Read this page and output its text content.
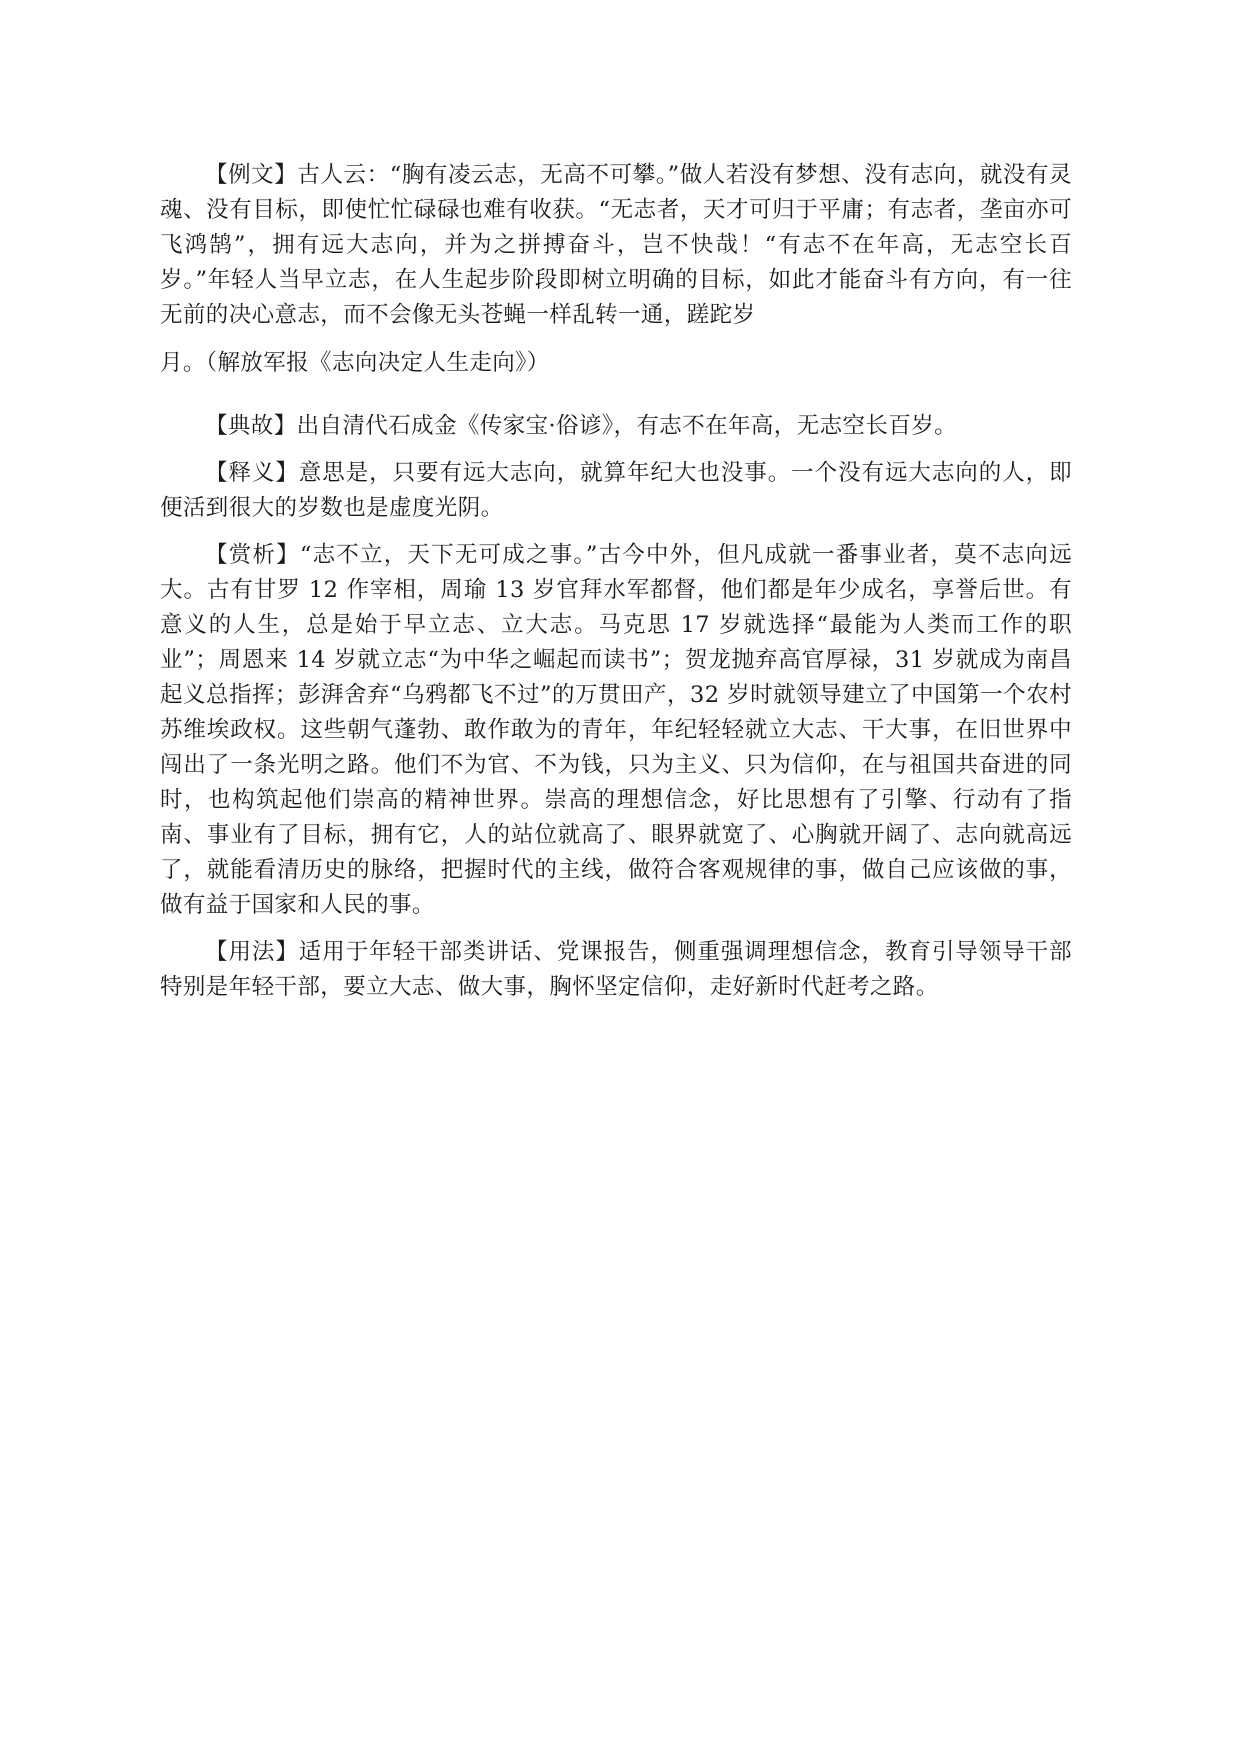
【例文】古人云：“胸有凌云志，无高不可攀。”做人若没有梦想、没有志向，就没有灵魂、没有目标，即使忙忙碌碌也难有收获。“无志者，天才可归于平庸；有志者，垄亩亦可飞鸿鹄”，拥有远大志向，并为之拼搏奋斗，岂不快哉！“有志不在年高，无志空长百岁。”年轻人当早立志，在人生起步阶段即树立明确的目标，如此才能奋斗有方向，有一往无前的决心意志，而不会像无头苍蝇一样乱转一通，蹉跎岁

月。（解放军报《志向决定人生走向》）

【典故】出自清代石成金《传家宝·俗谚》，有志不在年高，无志空长百岁。

【释义】意思是，只要有远大志向，就算年纪大也没事。一个没有远大志向的人，即便活到很大的岁数也是虚度光阴。

【赏析】“志不立，天下无可成之事。”古今中外，但凡成就一番事业者，莫不志向远大。古有甘罗 12 作宰相，周瑜 13 岁官拜水军都督，他们都是年少成名，享誉后世。有意义的人生，总是始于早立志、立大志。马克思 17 岁就选择“最能为人类而工作的职业”；周恩来 14 岁就立志“为中华之崛起而读书”；贺龙抛弃高官厚禄，31 岁就成为南昌起义总指挥；彭湃舍弃“乌鸦都飞不过”的万贯田产，32 岁时就领导建立了中国第一个农村苏维埃政权。这些朝气蓬勃、敢作敢为的青年，年纪轻轻就立大志、干大事，在旧世界中闯出了一条光明之路。他们不为官、不为钱，只为主义、只为信仰，在与祖国共奋进的同时，也构筑起他们崇高的精神世界。崇高的理想信念，好比思想有了引擎、行动有了指南、事业有了目标，拥有它，人的站位就高了、眼界就宽了、心胸就开阔了、志向就高远了，就能看清历史的脉络，把握时代的主线，做符合客观规律的事，做自己应该做的事，做有益于国家和人民的事。

【用法】适用于年轻干部类讲话、党课报告，侧重强调理想信念，教育引导领导干部特别是年轻干部，要立大志、做大事，胸怀坚定信仰，走好新时代赶考之路。
